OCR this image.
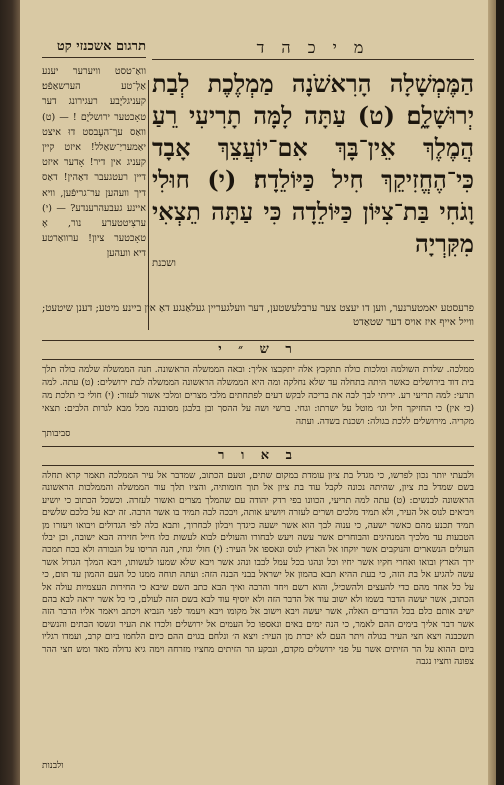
תרגום אשכנזי קט
וואַ־טסט וויערער יענע אַלְ־טע הערשאַפֿט׃ קעניגלי֑בע רעגירונג דער טאָכטער ירושלי֑ם ! — (ט) וואַס ערָ־הע֑בסט דוּ איצט יאַמעריַ־שאַלל! איזט קיין קעניג אין דיר! אָדער איזט דיין רעטגעבר דאַהין! דאַס דיך וועהען ער־גריפֿען, וויא איינע געבעהרענדע? — (י) ערצִיטטערע נור, אָ טאָכטער ציון! ערוואַרטע דיא וועהען
מ י כ ה ד
הַמֶּמְשָׁלָה הָרִאשֹׁנָה מַמְלֶכֶת לְבַת יְרוּשָׁלָ֑ם׃ (ט) עַתָּה לָמָּה תָרִיעִי רֵעַ הֲמֶלֶךְ אֵין־בָּךְ אִם־יוֹעֲצֵךְ אָבָד כִּי־הֶחֱזִיקֵךְ חִיל כַּיּוֹלֵדָה׃ (י) חוּלִי וָגֹחִי בַּת־צִיּוֹן כַּיּוֹלֵדָה כִּי עַתָּה תֵצְאִי מִקִּרְיָה
ושכנת
פרעסטע יאמטערנער, ווען דו יעצט צער ערבלעשטען, דער וועלגעריין געלאַנגע דאַ אין ביינע מיטע; דענן שיטעט; ווייל אייף איז אויס דער שטאַדט
ר ש ״ י
ממלכה. שלרת השולמה ומלכות כולה תתקבץ אלה יתקבצו אליך: ובאה הממשלה הראשונה. חנה הממשלה שלמה כולה תלך בית דוד בירושלים כאשר היתה בתחלה עד שלא נחלקה ומה היא הממשלה הראשונה הממשלה לבת ירושלים: (ט) עתה. למה תרעי: למה תריעי רע. יריתי לבך לבה את בריכה לבקש דעים לפתחתים מלכי מצרים ומלכי אשור לעזור: (י) חולי כי תלכת מה (כי אין) כי החזיקך חיל וגו׳ מוטל על ישרתו: וגחי. ברשי ושה על ההסך ובן בלבגן מסובנה מכל מבא לגרות הלבים: תצאי מקריה. מירושלים ללכת בגולה: ושכנת בשדה. ועתה
סביבותך
ב א ו ר
ולבעתי יותר נכון לפרשו, כי מגדל בת ציון עומדת במקום שתים, וטעם הכתוב, שמדבר אל עיר הממלכה תאמר קרא תחלה בשם שמדל בת ציון, שהיתה נכונה לקבל עוד בת ציון אל תוך חומותיה, והציו תלך עוד הממשלה והממלכות הראשונה הראשונה לבנשים: (ט) עתה למה תריעי, הכוונו בפי רדק יהודה עם שהמלך מצרים ואשור לעזרה. וכשכל הכתוב כי יושיע ויביאים לנוס אל העיר, ולא תמיד מלכים ושרים לעזרה ויושיע אותה, ויבכה לבה תמיד בו אשר הרבה. זה יבא על כלכם שלשים תמיד תכנע מהם כאשר ישעה, כי ענוה לבך הוא אשר ישעה כיגדך ויבלון לבחרוך, ותבא כלה לפי הגדולים ויבואו ויעזרו מן הטבעות עד מלכיך המנהיגים והבוחרים אשר עשה ויעש לבחורו והעולים לבוא לעשות כלו חייל חזירה הבא ישובה, וכן יבלו העולים הנשארים והנוקבים אשר יוקחו אל הארץ לנוס ונאספו אל העיר: (י) חולי וגחי, הנה הריסו על הגבורה ולא בכח תמכה ירך הארץ ובואו ואחרי חקיו אשר יחיו וכל ונהגו בכל עמל לבבו ונהג אשר ויבא שלא שמעו לעשותו, ויבא המלך הגדול אשר עשה להגיע אל בת הזה, כי בעת ההיא תבא בהמון אל ישראל בבני הבנה הזה: ועתה תוחה ממנו כל העם ההמון עד תום, כי על כל אחד מהם כדי להעצים ולהשכיל, והוא רשם ויחד והרבה ואיך הבא כתב השם שיבא כי החירות העצמיות עולה אל הכתוב, אשר יעשה הדבר בשמו ולא ישוב עוד אל הדבר הזה ולא יוסיף עוד לבא בשם הזה לעולם, כי כל אשר יראה לבא בהם ישיב אותם כלם בכל הדברים האלה, אשר יעשה ויבא וישוב אל מקומו ויבא ויעמד לפני הנביא ויכתב ויאמר אליו הדבר הזה אשר דבר אליך בימים ההם לאמר, כי הנה ימים באים ונאספו כל העמים אל ירושלים ולכדו את העיר ונשסו הבתים והנשים תשכבנה ויצא חצי העיר בגולה ויתר העם לא יכרת מן העיר: ויצא ה׳ ונלחם בגוים ההם כיום הלחמו ביום קרב, ועמדו רגליו ביום ההוא על הר הזיתים אשר על פני ירושלים מקדם, ונבקע הר הזיתים מחציו מזרחה וימה גיא גדולה מאד ומש חצי ההר צפונה וחציו נגבה
ולבנות
